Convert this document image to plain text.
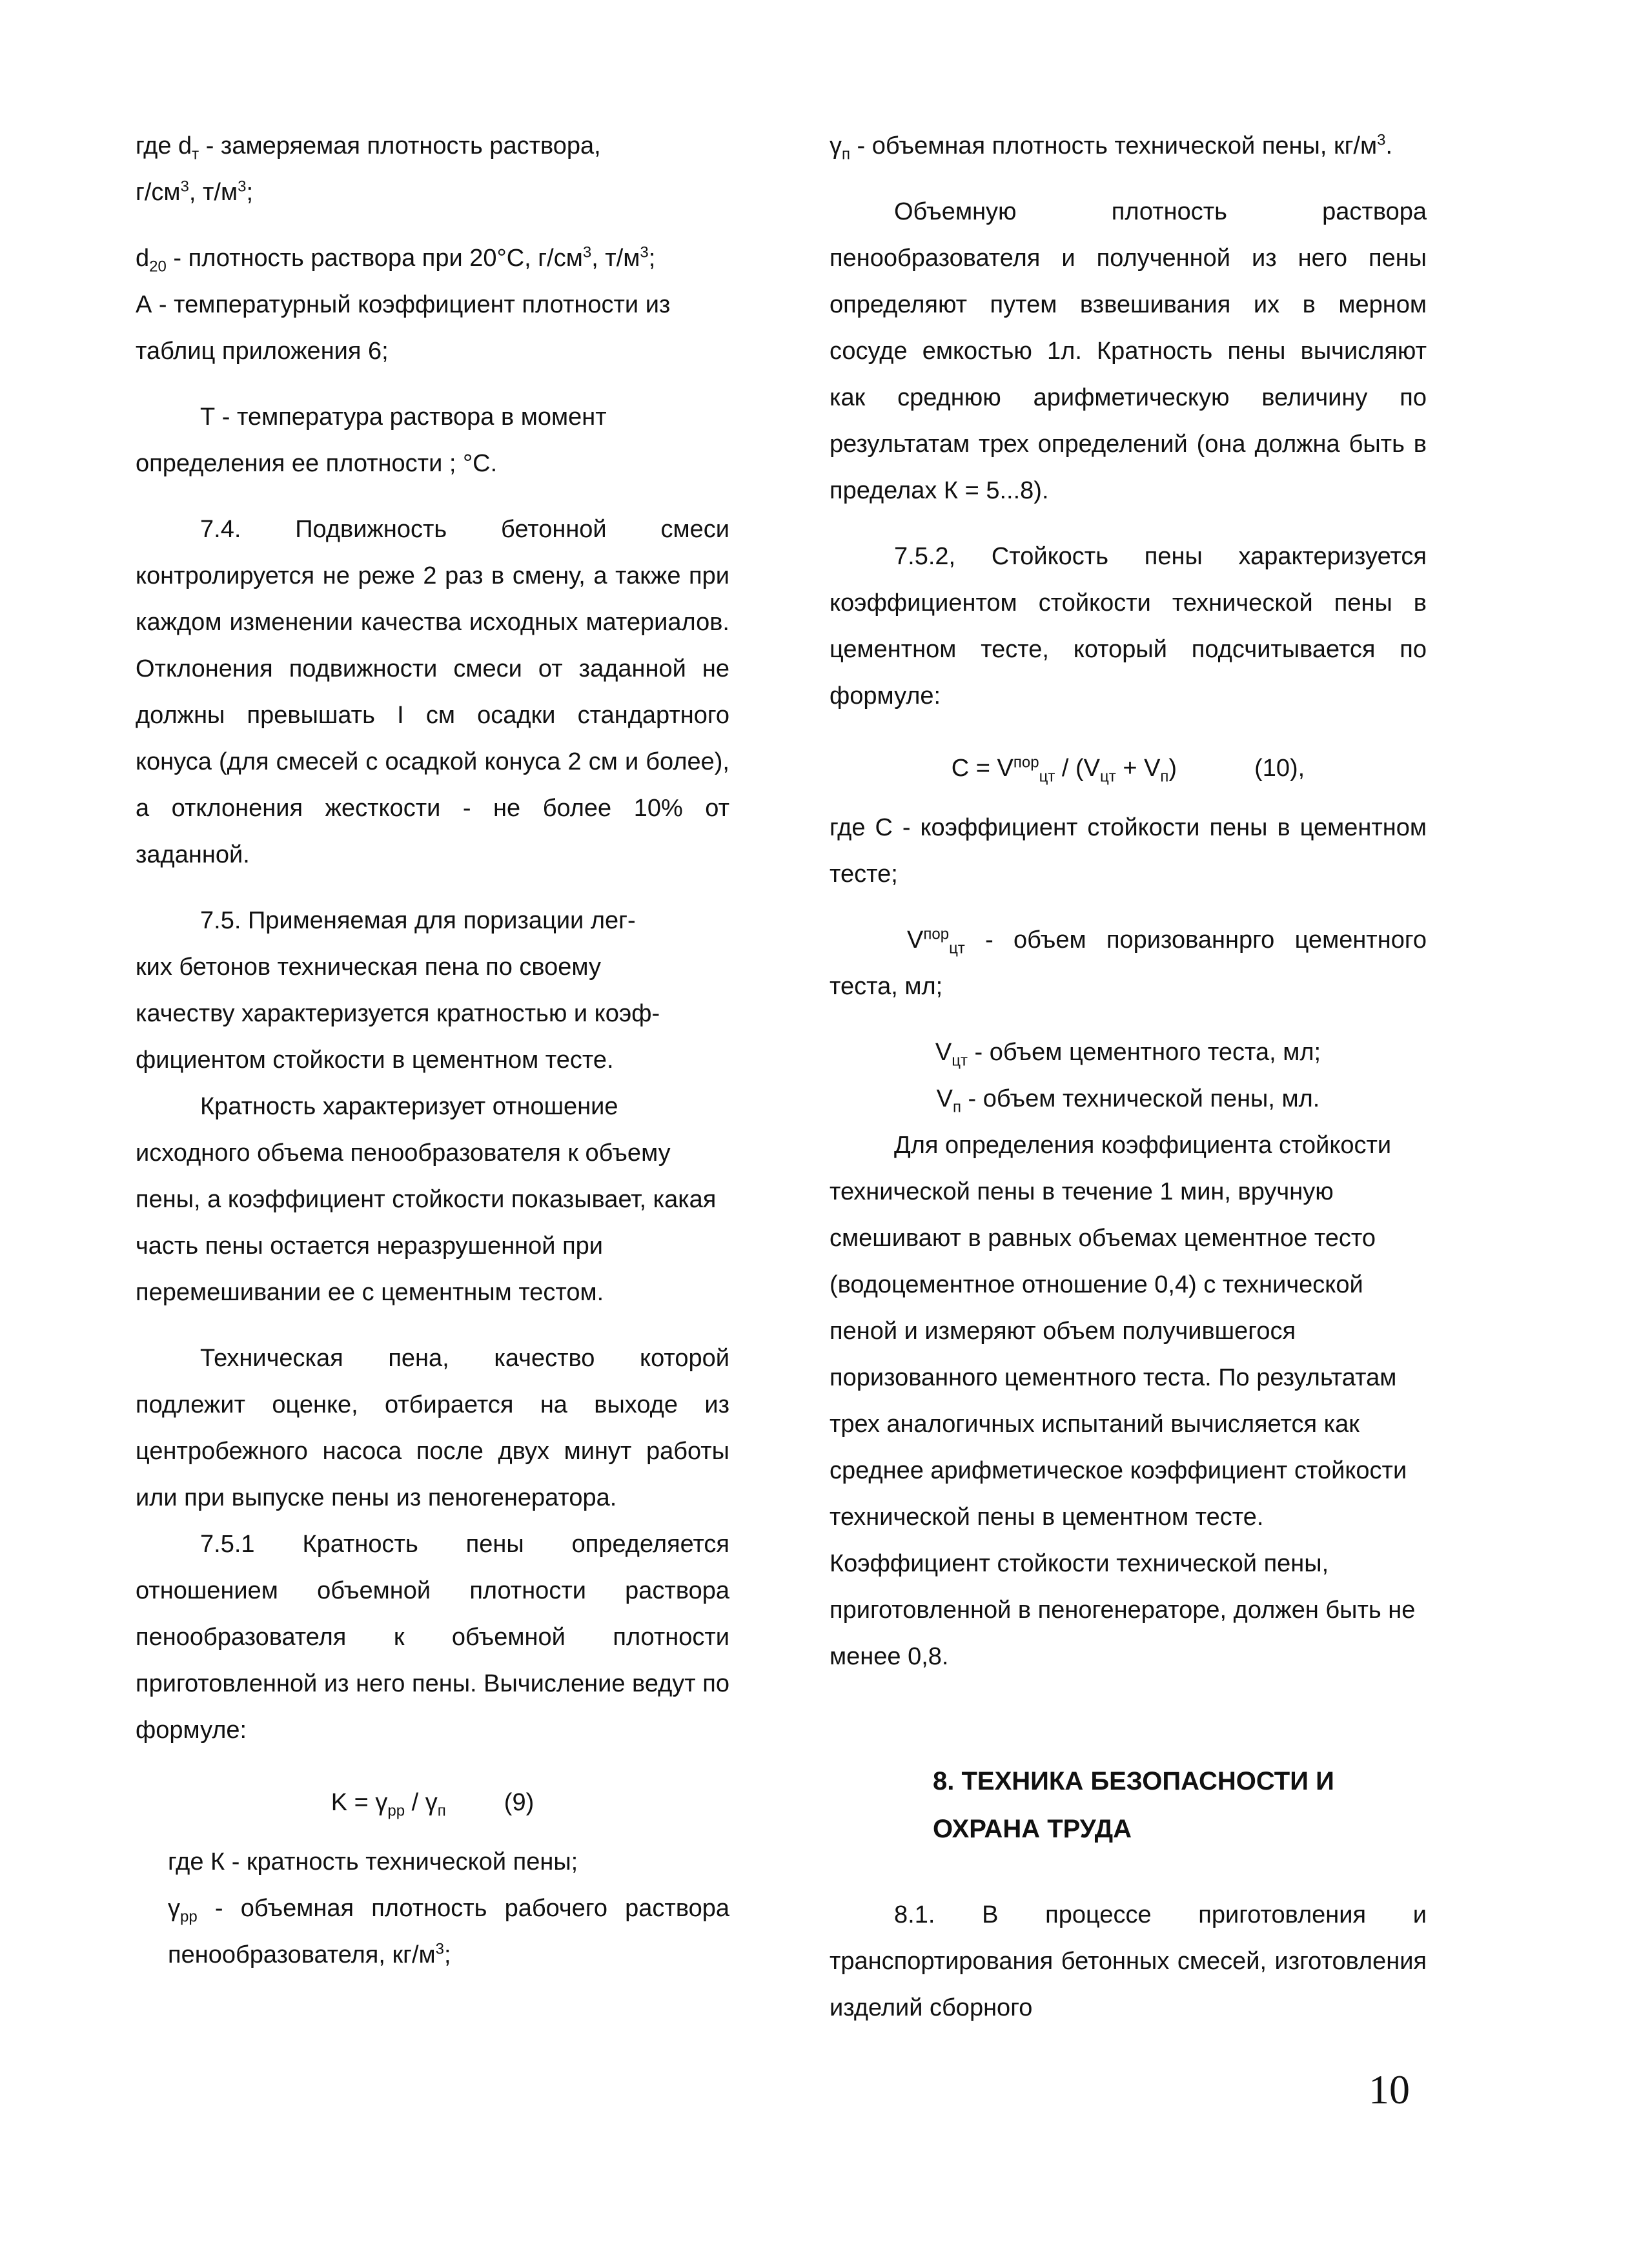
где $d_т$ - замеряемая плотность раствора,

$г/см^3$, $т/м^3$;

$d_{20}$ - плотность раствора при 20°С, $г/см^3$, $т/м^3$;

А - температурный коэффициент плотности из таблиц приложения 6;

Т - температура раствора в момент определения ее плотности ; °С.

7.4. Подвижность бетонной смеси контролируется не реже 2 раз в смену, а также при каждом изменении качества исходных материалов. Отклонения подвижности смеси от заданной не должны превышать I см осадки стандартного конуса (для смесей с осадкой конуса 2 см и более), а отклонения жесткости - не более 10% от заданной.

7.5. Применяемая для поризации лег-

ких бетонов техническая пена по своему

качеству характеризуется кратностью и коэф-

фициентом стойкости в цементном тесте.

Кратность характеризует отношение исходного объема пенообразователя к объему пены, а коэффициент стойкости показывает, какая часть пены остается неразрушенной при перемешивании ее с цементным тестом.

Техническая пена, качество которой подлежит оценке, отбирается на выходе из центробежного насоса после двух минут работы или при выпуске пены из пеногенератора.

7.5.1 Кратность пены определяется отношением объемной плотности раствора пенообразователя к объемной плотности приготовленной из него пены. Вычисление ведут по формуле:

$K = \gamma_{рр} / \gamma_п$ (9)

где К - кратность технической пены;

$\gamma_{рр}$ - объемная плотность рабочего раствора пенообразователя, $кг/м^3$;

$\gamma_п$ - объемная плотность технической пены, $кг/м^3$.

Объемную плотность раствора пенообразователя и полученной из него пены определяют путем взвешивания их в мерном сосуде емкостью 1л. Кратность пены вычисляют как среднюю арифметическую величину по результатам трех определений (она должна быть в пределах К = 5...8).

7.5.2, Стойкость пены характеризуется коэффициентом стойкости технической пены в цементном тесте, который подсчитывается по формуле:

$C = V^{пор}_{цт} / (V_{цт} + V_п)$	(10),

где С - коэффициент стойкости пены в цементном тесте;

$V^{пор}_{цт}$ - объем поризованнрго цементного теста, мл;

$V_{цт}$ - объем цементного теста, мл;

$V_п$ - объем технической пены, мл.

Для определения коэффициента стойкости технической пены в течение 1 мин, вручную смешивают в равных объемах цементное тесто (водоцементное отношение 0,4) с технической пеной и измеряют объем получившегося поризованного цементного теста. По результатам трех аналогичных испытаний вычисляется как среднее арифметическое коэффициент стойкости технической пены в цементном тесте. Коэффициент стойкости технической пены, приготовленной в пеногенераторе, должен быть не менее 0,8.

8. ТЕХНИКА БЕЗОПАСНОСТИ И
ОХРАНА ТРУДА

8.1. В процессе приготовления и транспортирования бетонных смесей, изготовления изделий сборного

10
